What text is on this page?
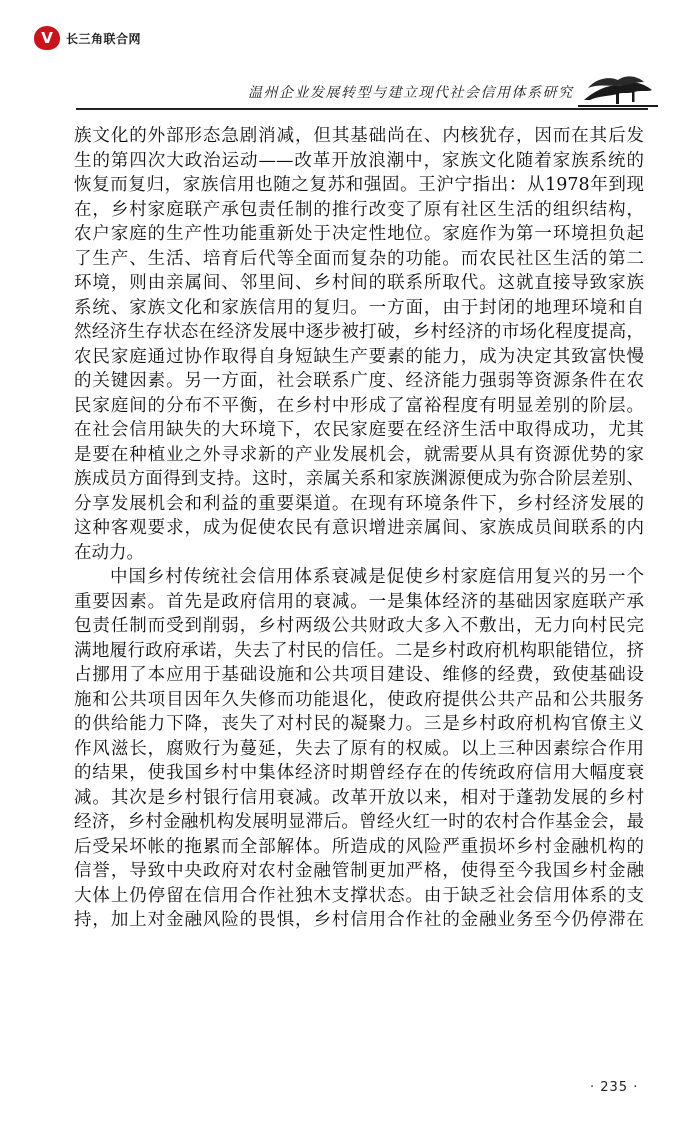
V	长三角联合网
温州企业发展转型与建立现代社会信用体系研究
族文化的外部形态急剧消减，但其基础尚在、内核犹存，因而在其后发
生的第四次大政治运动——改革开放浪潮中，家族文化随着家族系统的
恢复而复归，家族信用也随之复苏和强固。王沪宁指出：从1978年到现
在，乡村家庭联产承包责任制的推行改变了原有社区生活的组织结构，
农户家庭的生产性功能重新处于决定性地位。家庭作为第一环境担负起
了生产、生活、培育后代等全面而复杂的功能。而农民社区生活的第二
环境，则由亲属间、邻里间、乡村间的联系所取代。这就直接导致家族
系统、家族文化和家族信用的复归。一方面，由于封闭的地理环境和自
然经济生存状态在经济发展中逐步被打破，乡村经济的市场化程度提高，
农民家庭通过协作取得自身短缺生产要素的能力，成为决定其致富快慢
的关键因素。另一方面，社会联系广度、经济能力强弱等资源条件在农
民家庭间的分布不平衡，在乡村中形成了富裕程度有明显差别的阶层。
在社会信用缺失的大环境下，农民家庭要在经济生活中取得成功，尤其
是要在种植业之外寻求新的产业发展机会，就需要从具有资源优势的家
族成员方面得到支持。这时，亲属关系和家族渊源便成为弥合阶层差别、
分享发展机会和利益的重要渠道。在现有环境条件下，乡村经济发展的
这种客观要求，成为促使农民有意识增进亲属间、家族成员间联系的内
在动力。
中国乡村传统社会信用体系衰减是促使乡村家庭信用复兴的另一个
重要因素。首先是政府信用的衰减。一是集体经济的基础因家庭联产承
包责任制而受到削弱，乡村两级公共财政大多入不敷出，无力向村民完
满地履行政府承诺，失去了村民的信任。二是乡村政府机构职能错位，挤
占挪用了本应用于基础设施和公共项目建设、维修的经费，致使基础设
施和公共项目因年久失修而功能退化，使政府提供公共产品和公共服务
的供给能力下降，丧失了对村民的凝聚力。三是乡村政府机构官僚主义
作风滋长，腐败行为蔓延，失去了原有的权威。以上三种因素综合作用
的结果，使我国乡村中集体经济时期曾经存在的传统政府信用大幅度衰
减。其次是乡村银行信用衰减。改革开放以来，相对于蓬勃发展的乡村
经济，乡村金融机构发展明显滞后。曾经火红一时的农村合作基金会，最
后受呆坏帐的拖累而全部解体。所造成的风险严重损坏乡村金融机构的
信誉，导致中央政府对农村金融管制更加严格，使得至今我国乡村金融
大体上仍停留在信用合作社独木支撑状态。由于缺乏社会信用体系的支
持，加上对金融风险的畏惧，乡村信用合作社的金融业务至今仍停滞在
· 235 ·
